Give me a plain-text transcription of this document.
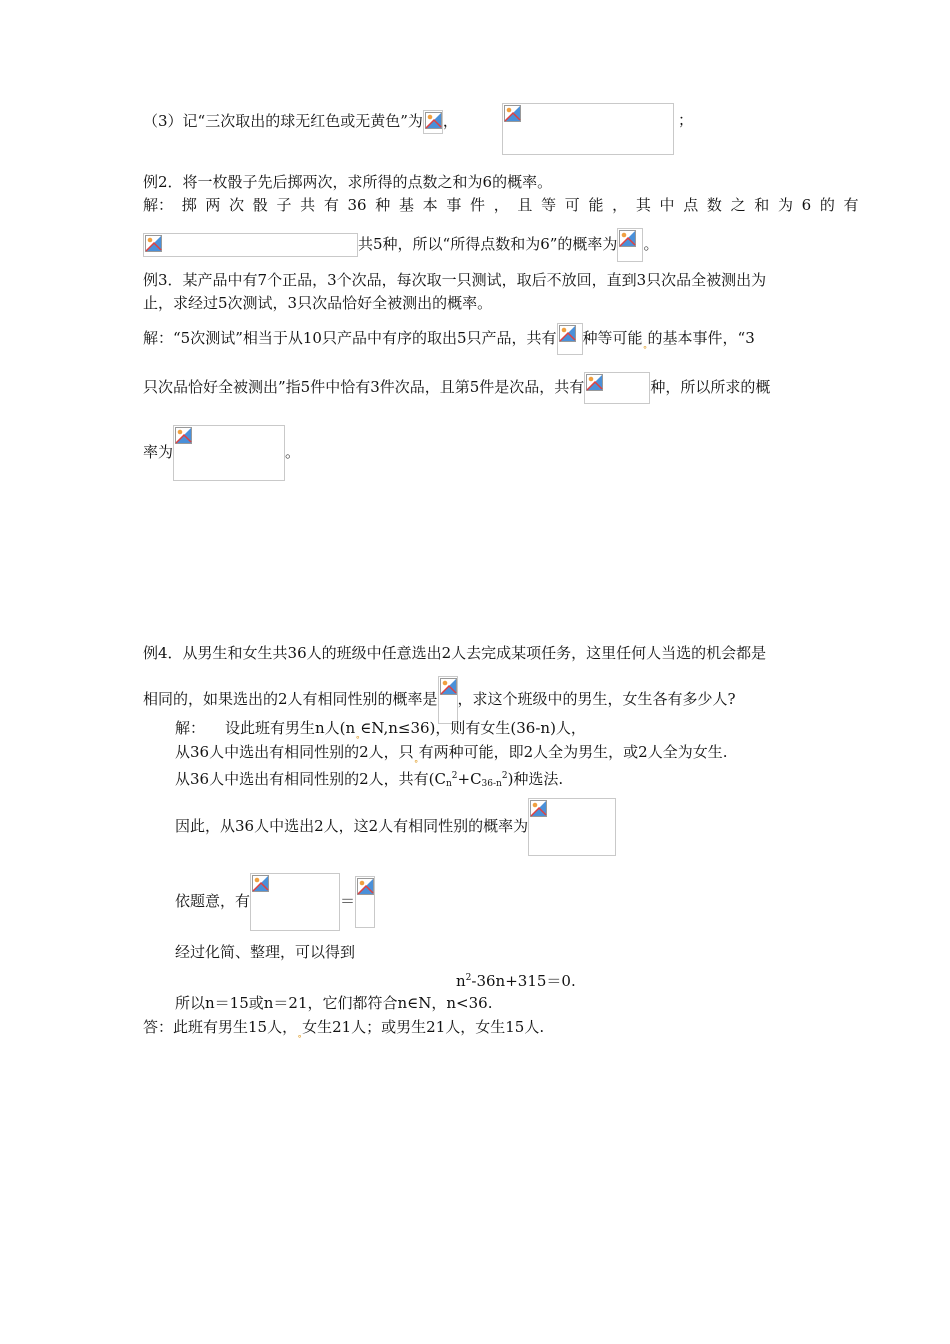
（3）记“三次取出的球无红色或无黄色”为 ，	；
例2．将一枚骰子先后掷两次，求所得的点数之和为6的概率。
解： 掷 两 次 骰 子 共 有 36 种 基 本 事 件 ， 且 等 可 能 ， 其 中 点 数 之 和 为 6 的 有
共5种，所以“所得点数和为6”的概率为 。
例3．某产品中有7个正品，3个次品，每次取一只测试，取后不放回，直到3只次品全被测出为
止，求经过5次测试，3只次品恰好全被测出的概率。
解：“5次测试”相当于从10只产品中有序的取出5只产品，共有 种等可能$_˳$的基本事件，“3
只次品恰好全被测出”指5件中恰有3件次品，且第5件是次品，共有	种，所以所求的概
率为	。
例4．从男生和女生共36人的班级中任意选出2人去完成某项任务，这里任何人当选的机会都是
相同的，如果选出的2人有相同性别的概率是 ，求这个班级中的男生，女生各有多少人?
解： 设此班有男生n人$(n_˳\in N,n\le 36)$，则有女生(36-n)人，
从36人中选出有相同性别的2人，只$_˳$有两种可能，即2人全为男生，或2人全为女生.
从36人中选出有相同性别的2人，共有$(C_n^2+C_{36-n}^2)$种选法.
因此，从36人中选出2人，这2人有相同性别的概率为
依题意，有	＝
经过化简、整理，可以得到
$n^2-36n+315=0$.
所以n＝15或n＝21，它们都符合n∈N，n<36.
答：此班有男生15人，$_˳$女生21人；或男生21人，女生15人.
